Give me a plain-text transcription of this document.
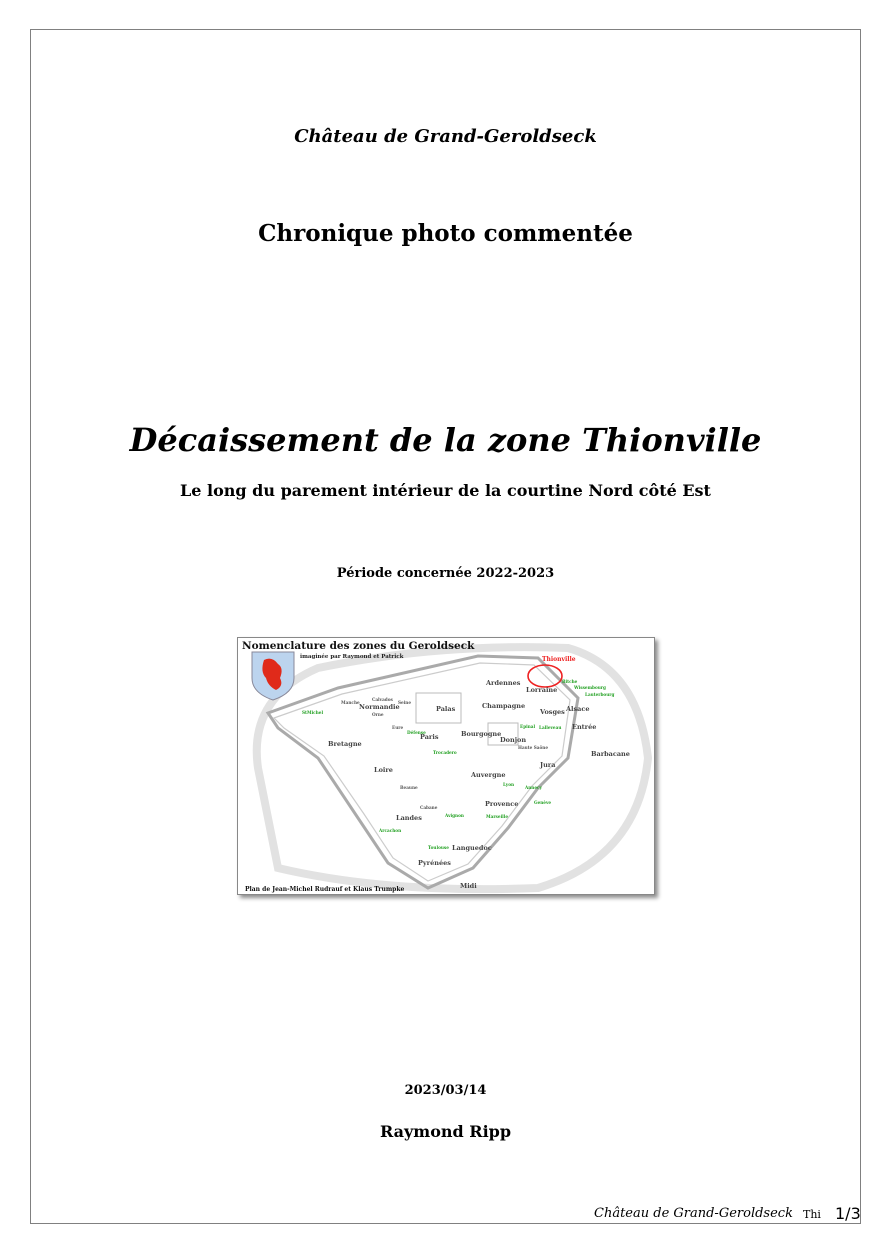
Château de Grand-Geroldseck
Chronique photo commentée
Décaissement de la zone Thionville
Le long du parement intérieur de la courtine Nord côté Est
Période concernée 2022-2023
Nomenclature des zones du Geroldseck
imaginée par Raymond et Patrick
Plan de Jean-Michel Rudrauf et Klaus Trumpke
Thionville
Ardennes
Lorraine
Alsace
Vosges
Champagne
Palas
Normandie
Bretagne
Paris	Bourgogne
Donjon
Entrée
Barbacane
Jura
Loire
Auvergne
Provence
Landes
Languedoc
Pyrénées
Midi
StMichel
Lyon
Annecy
Genève
Marseille
Avignon
Arcachon
Toulouse
Trocadero
Défense
Epinal Lalleveau
Bitche
Wissembourg
Lauterbourg
Cabane
Beaune
Haute Saône
Manche
Calvados
Seine
Orne
Eure
2023/03/14
Raymond Ripp
Château de Grand-Geroldseck Thi 1/3
